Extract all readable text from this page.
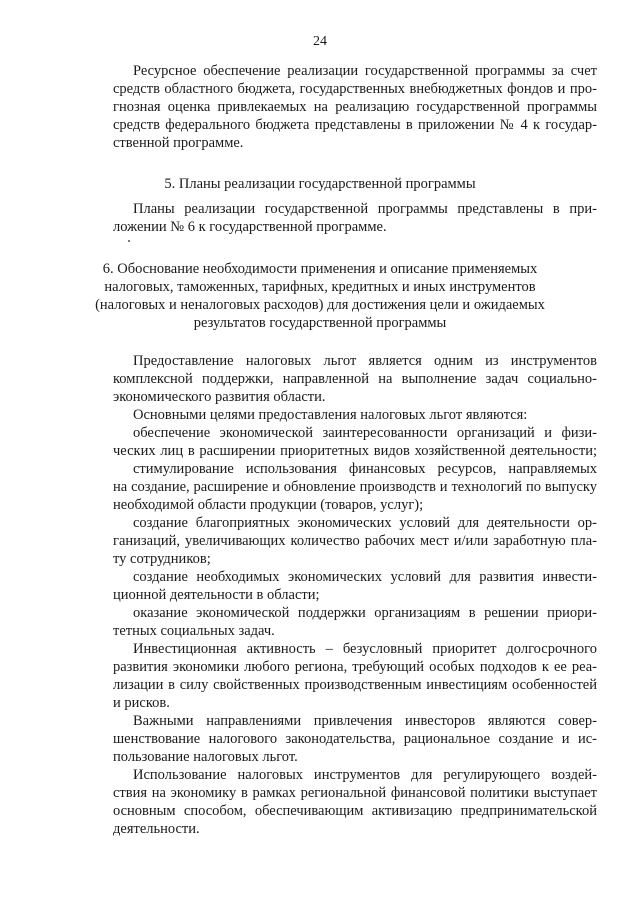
24
Ресурсное обеспечение реализации государственной программы за счет
средств областного бюджета, государственных внебюджетных фондов и про-
гнозная оценка привлекаемых на реализацию государственной программы
средств федерального бюджета представлены в приложении № 4 к государ-
ственной программе.
5. Планы реализации государственной программы
Планы реализации государственной программы представлены в при-
ложении № 6 к государственной программе.
6. Обоснование необходимости применения и описание применяемых
налоговых, таможенных, тарифных, кредитных и иных инструментов
(налоговых и неналоговых расходов) для достижения цели и ожидаемых
результатов государственной программы
Предоставление налоговых льгот является одним из инструментов
комплексной поддержки, направленной на выполнение задач социально-
экономического развития области.
Основными целями предоставления налоговых льгот являются:
обеспечение экономической заинтересованности организаций и физи-
ческих лиц в расширении приоритетных видов хозяйственной деятельности;
стимулирование использования финансовых ресурсов, направляемых
на создание, расширение и обновление производств и технологий по выпуску
необходимой области продукции (товаров, услуг);
создание благоприятных экономических условий для деятельности ор-
ганизаций, увеличивающих количество рабочих мест и/или заработную пла-
ту сотрудников;
создание необходимых экономических условий для развития инвести-
ционной деятельности в области;
оказание экономической поддержки организациям в решении приори-
тетных социальных задач.
Инвестиционная активность – безусловный приоритет долгосрочного
развития экономики любого региона, требующий особых подходов к ее реа-
лизации в силу свойственных производственным инвестициям особенностей
и рисков.
Важными направлениями привлечения инвесторов являются совер-
шенствование налогового законодательства, рациональное создание и ис-
пользование налоговых льгот.
Использование налоговых инструментов для регулирующего воздей-
ствия на экономику в рамках региональной финансовой политики выступает
основным способом, обеспечивающим активизацию предпринимательской
деятельности.
